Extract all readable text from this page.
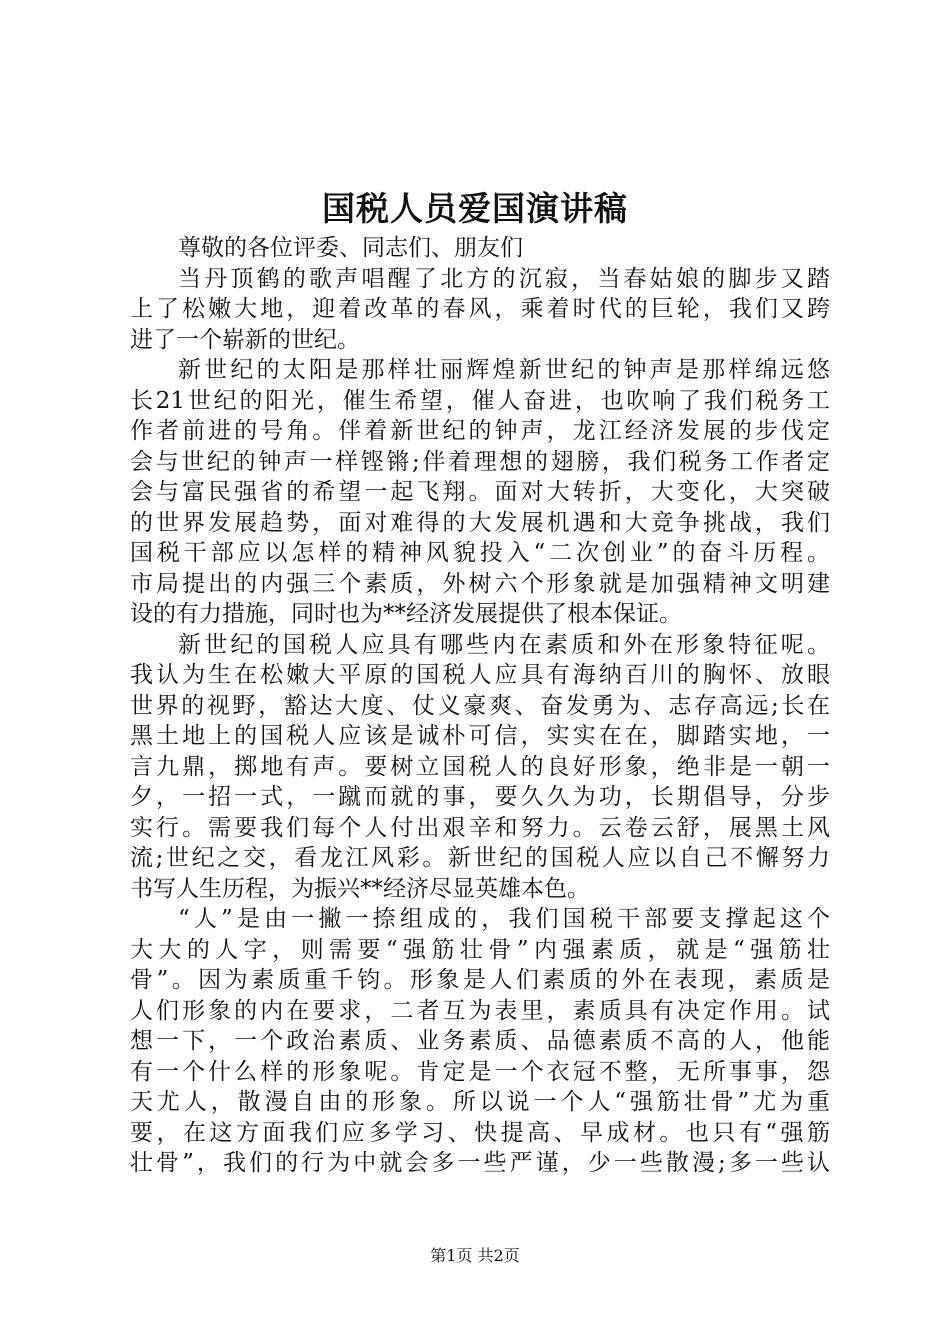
国税人员爱国演讲稿
尊敬的各位评委、同志们、朋友们
当丹顶鹤的歌声唱醒了北方的沉寂，当春姑娘的脚步又踏
上了松嫩大地，迎着改革的春风，乘着时代的巨轮，我们又跨
进了一个崭新的世纪。
新世纪的太阳是那样壮丽辉煌新世纪的钟声是那样绵远悠
长21世纪的阳光，催生希望，催人奋进，也吹响了我们税务工
作者前进的号角。伴着新世纪的钟声，龙江经济发展的步伐定
会与世纪的钟声一样铿锵;伴着理想的翅膀，我们税务工作者定
会与富民强省的希望一起飞翔。面对大转折，大变化，大突破
的世界发展趋势，面对难得的大发展机遇和大竞争挑战，我们
国税干部应以怎样的精神风貌投入“二次创业”的奋斗历程。
市局提出的内强三个素质，外树六个形象就是加强精神文明建
设的有力措施，同时也为**经济发展提供了根本保证。
新世纪的国税人应具有哪些内在素质和外在形象特征呢。
我认为生在松嫩大平原的国税人应具有海纳百川的胸怀、放眼
世界的视野，豁达大度、仗义豪爽、奋发勇为、志存高远;长在
黑土地上的国税人应该是诚朴可信，实实在在，脚踏实地，一
言九鼎，掷地有声。要树立国税人的良好形象，绝非是一朝一
夕，一招一式，一蹴而就的事，要久久为功，长期倡导，分步
实行。需要我们每个人付出艰辛和努力。云卷云舒，展黑土风
流;世纪之交，看龙江风彩。新世纪的国税人应以自己不懈努力
书写人生历程，为振兴**经济尽显英雄本色。
“人”是由一撇一捺组成的，我们国税干部要支撑起这个
大大的人字，则需要“强筋壮骨”内强素质，就是“强筋壮
骨”。因为素质重千钧。形象是人们素质的外在表现，素质是
人们形象的内在要求，二者互为表里，素质具有决定作用。试
想一下，一个政治素质、业务素质、品德素质不高的人，他能
有一个什么样的形象呢。肯定是一个衣冠不整，无所事事，怨
天尤人，散漫自由的形象。所以说一个人“强筋壮骨”尤为重
要，在这方面我们应多学习、快提高、早成材。也只有“强筋
壮骨”，我们的行为中就会多一些严谨，少一些散漫;多一些认
第1页 共2页
